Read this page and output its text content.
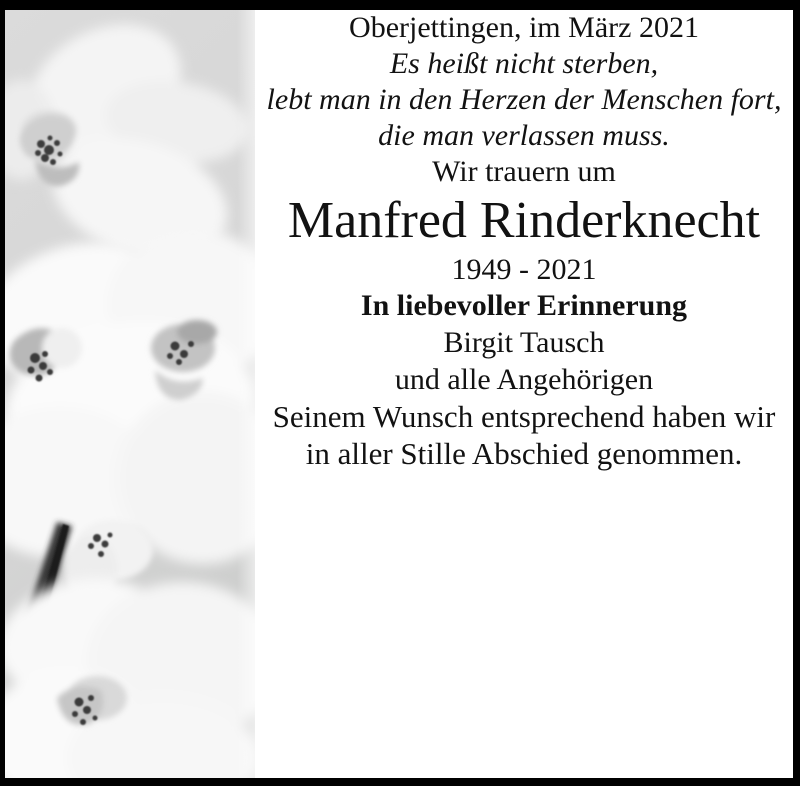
Oberjettingen, im März 2021

Es heißt nicht sterben,
lebt man in den Herzen der Menschen fort,
die man verlassen muss.

Wir trauern um

Manfred Rinderknecht

1949 - 2021

In liebevoller Erinnerung

Birgit Tausch
und alle Angehörigen

Seinem Wunsch entsprechend haben wir
in aller Stille Abschied genommen.
